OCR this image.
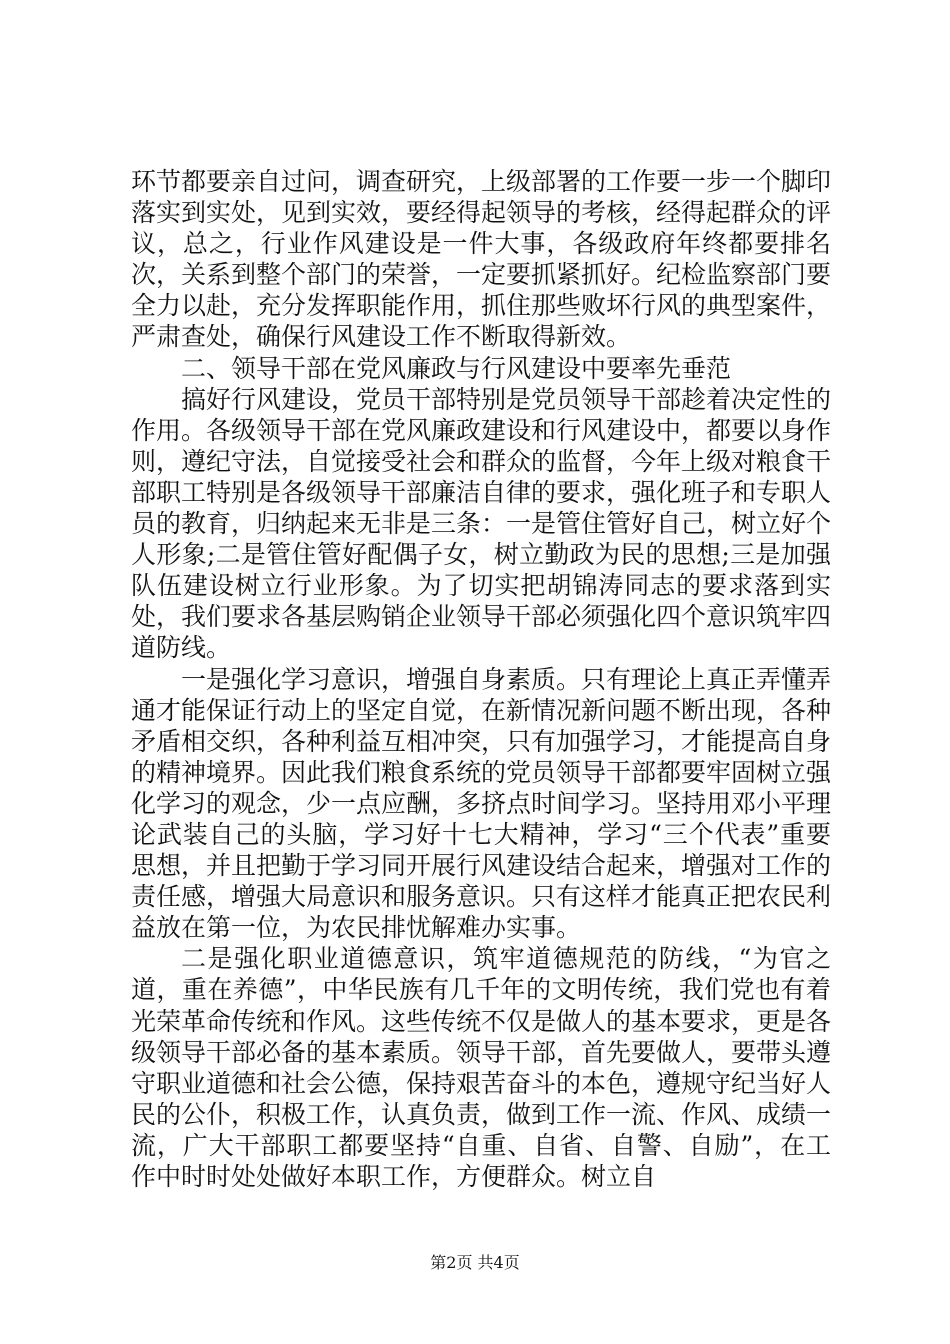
环节都要亲自过问，调查研究，上级部署的工作要一步一个脚印落实到实处，见到实效，要经得起领导的考核，经得起群众的评议，总之，行业作风建设是一件大事，各级政府年终都要排名次，关系到整个部门的荣誉，一定要抓紧抓好。纪检监察部门要全力以赴，充分发挥职能作用，抓住那些败坏行风的典型案件，严肃查处，确保行风建设工作不断取得新效。

二、领导干部在党风廉政与行风建设中要率先垂范

搞好行风建设，党员干部特别是党员领导干部趁着决定性的作用。各级领导干部在党风廉政建设和行风建设中，都要以身作则，遵纪守法，自觉接受社会和群众的监督，今年上级对粮食干部职工特别是各级领导干部廉洁自律的要求，强化班子和专职人员的教育，归纳起来无非是三条：一是管住管好自己，树立好个人形象;二是管住管好配偶子女，树立勤政为民的思想;三是加强队伍建设树立行业形象。为了切实把胡锦涛同志的要求落到实处，我们要求各基层购销企业领导干部必须强化四个意识筑牢四道防线。

一是强化学习意识，增强自身素质。只有理论上真正弄懂弄通才能保证行动上的坚定自觉，在新情况新问题不断出现，各种矛盾相交织，各种利益互相冲突，只有加强学习，才能提高自身的精神境界。因此我们粮食系统的党员领导干部都要牢固树立强化学习的观念，少一点应酬，多挤点时间学习。坚持用邓小平理论武装自己的头脑，学习好十七大精神，学习“三个代表”重要思想，并且把勤于学习同开展行风建设结合起来，增强对工作的责任感，增强大局意识和服务意识。只有这样才能真正把农民利益放在第一位，为农民排忧解难办实事。

二是强化职业道德意识，筑牢道德规范的防线，“为官之道，重在养德”，中华民族有几千年的文明传统，我们党也有着光荣革命传统和作风。这些传统不仅是做人的基本要求，更是各级领导干部必备的基本素质。领导干部，首先要做人，要带头遵守职业道德和社会公德，保持艰苦奋斗的本色，遵规守纪当好人民的公仆，积极工作，认真负责，做到工作一流、作风、成绩一流，广大干部职工都要坚持“自重、自省、自警、自励”，在工作中时时处处做好本职工作，方便群众。树立自

第2页 共4页
